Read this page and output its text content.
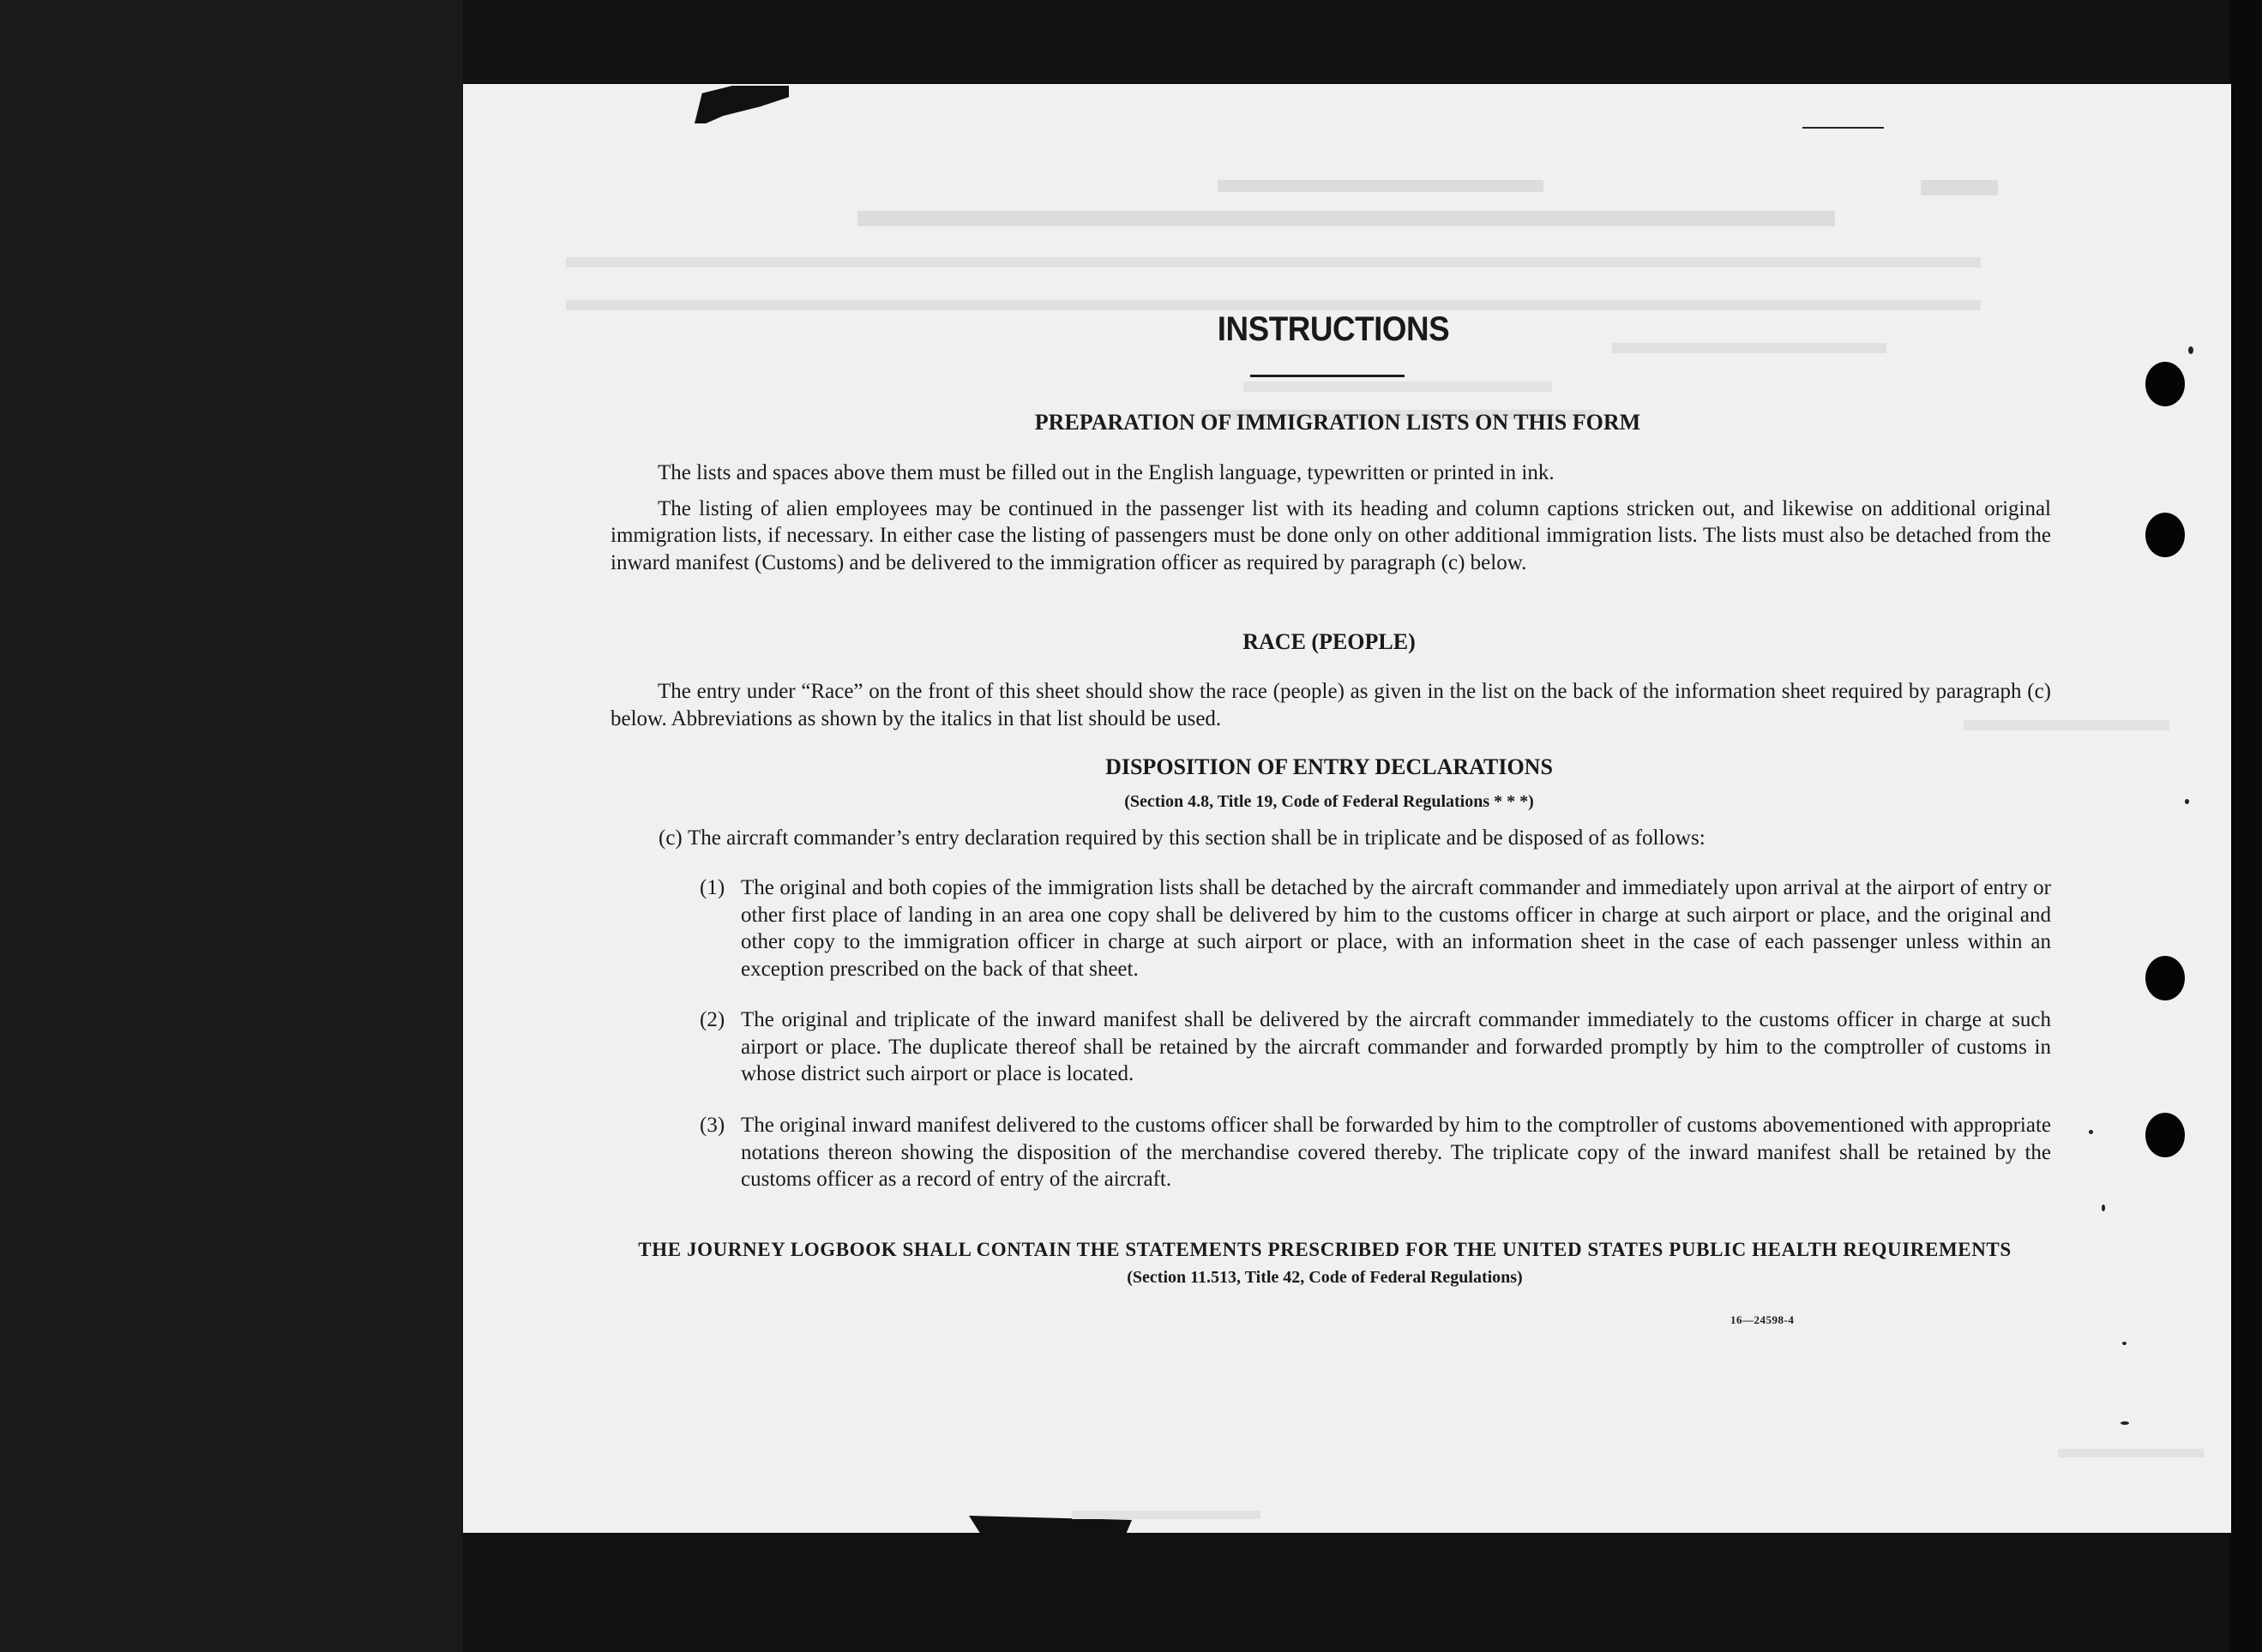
INSTRUCTIONS
PREPARATION OF IMMIGRATION LISTS ON THIS FORM

The lists and spaces above them must be filled out in the English language, typewritten or printed in ink.

The listing of alien employees may be continued in the passenger list with its heading and column captions stricken out, and likewise on additional original immigration lists, if necessary. In either case the listing of passengers must be done only on other additional immigration lists. The lists must also be detached from the inward manifest (Customs) and be delivered to the immigration officer as required by paragraph (c) below.

RACE (PEOPLE)

The entry under “Race” on the front of this sheet should show the race (people) as given in the list on the back of the information sheet required by paragraph (c) below. Abbreviations as shown by the italics in that list should be used.

DISPOSITION OF ENTRY DECLARATIONS
(Section 4.8, Title 19, Code of Federal Regulations * * *)

(c) The aircraft commander’s entry declaration required by this section shall be in triplicate and be disposed of as follows:

(1) The original and both copies of the immigration lists shall be detached by the aircraft commander and immediately upon arrival at the airport of entry or other first place of landing in an area one copy shall be delivered by him to the customs officer in charge at such airport or place, and the original and other copy to the immigration officer in charge at such airport or place, with an information sheet in the case of each passenger unless within an exception prescribed on the back of that sheet.
(2) The original and triplicate of the inward manifest shall be delivered by the aircraft commander immediately to the customs officer in charge at such airport or place. The duplicate thereof shall be retained by the aircraft commander and forwarded promptly by him to the comptroller of customs in whose district such airport or place is located.
(3) The original inward manifest delivered to the customs officer shall be forwarded by him to the comptroller of customs abovementioned with appropriate notations thereon showing the disposition of the merchandise covered thereby. The triplicate copy of the inward manifest shall be retained by the customs officer as a record of entry of the aircraft.
THE JOURNEY LOGBOOK SHALL CONTAIN THE STATEMENTS PRESCRIBED FOR THE UNITED STATES PUBLIC HEALTH REQUIREMENTS
(Section 11.513, Title 42, Code of Federal Regulations)
16—24598-4
